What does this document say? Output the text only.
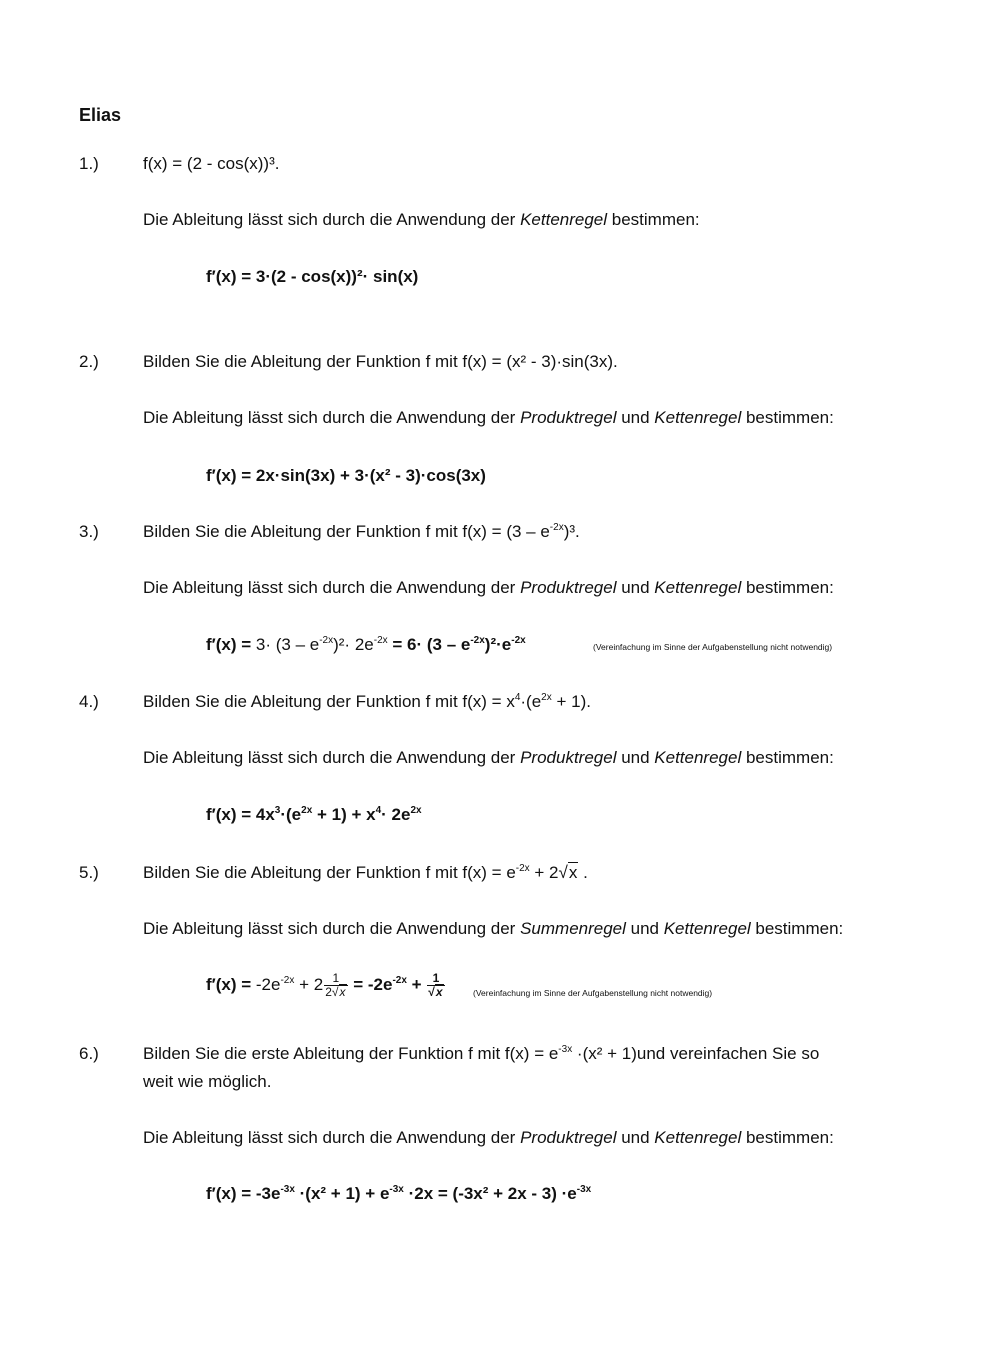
Elias
1.)	f(x) = (2 - cos(x))³.
Die Ableitung lässt sich durch die Anwendung der Kettenregel bestimmen:
f′(x) = 3·(2 - cos(x))²· sin(x)
2.)	Bilden Sie die Ableitung der Funktion f mit f(x) = (x² - 3)·sin(3x).
Die Ableitung lässt sich durch die Anwendung der Produktregel und Kettenregel bestimmen:
f′(x) = 2x·sin(3x) + 3·(x² - 3)·cos(3x)
3.)	Bilden Sie die Ableitung der Funktion f mit $f(x) = (3 - e^{-2x})^3$.
Die Ableitung lässt sich durch die Anwendung der Produktregel und Kettenregel bestimmen:
$f'(x) = 3\cdot (3 - e^{-2x})^2\cdot 2e^{-2x} = 6\cdot (3 - e^{-2x})^2\cdot e^{-2x}$
(Vereinfachung im Sinne der Aufgabenstellung nicht notwendig)
4.)	Bilden Sie die Ableitung der Funktion f mit $f(x) = x^4\cdot(e^{2x} + 1)$.
Die Ableitung lässt sich durch die Anwendung der Produktregel und Kettenregel bestimmen:
$f'(x) = 4x^3\cdot(e^{2x} + 1) + x^4\cdot 2e^{2x}$
5.)	Bilden Sie die Ableitung der Funktion f mit $f(x) = e^{-2x} + 2√x$ .
Die Ableitung lässt sich durch die Anwendung der Summenregel und Kettenregel bestimmen:
$f'(x) = -2e^{-2x} + 2 \frac{1}{2√x} = -2e^{-2x} + \frac{1}{√x}$	(Vereinfachung im Sinne der Aufgabenstellung nicht notwendig)
6.)	Bilden Sie die erste Ableitung der Funktion f mit $f(x) = e^{-3x} \cdot(x^2 + 1)und$ vereinfachen Sie so
weit wie möglich.
Die Ableitung lässt sich durch die Anwendung der Produktregel und Kettenregel bestimmen:
$f'(x) = -3e^{-3x} \cdot(x^2 + 1) + e^{-3x} \cdot 2x = (-3x^2 + 2x - 3) \cdot e^{-3x}$
